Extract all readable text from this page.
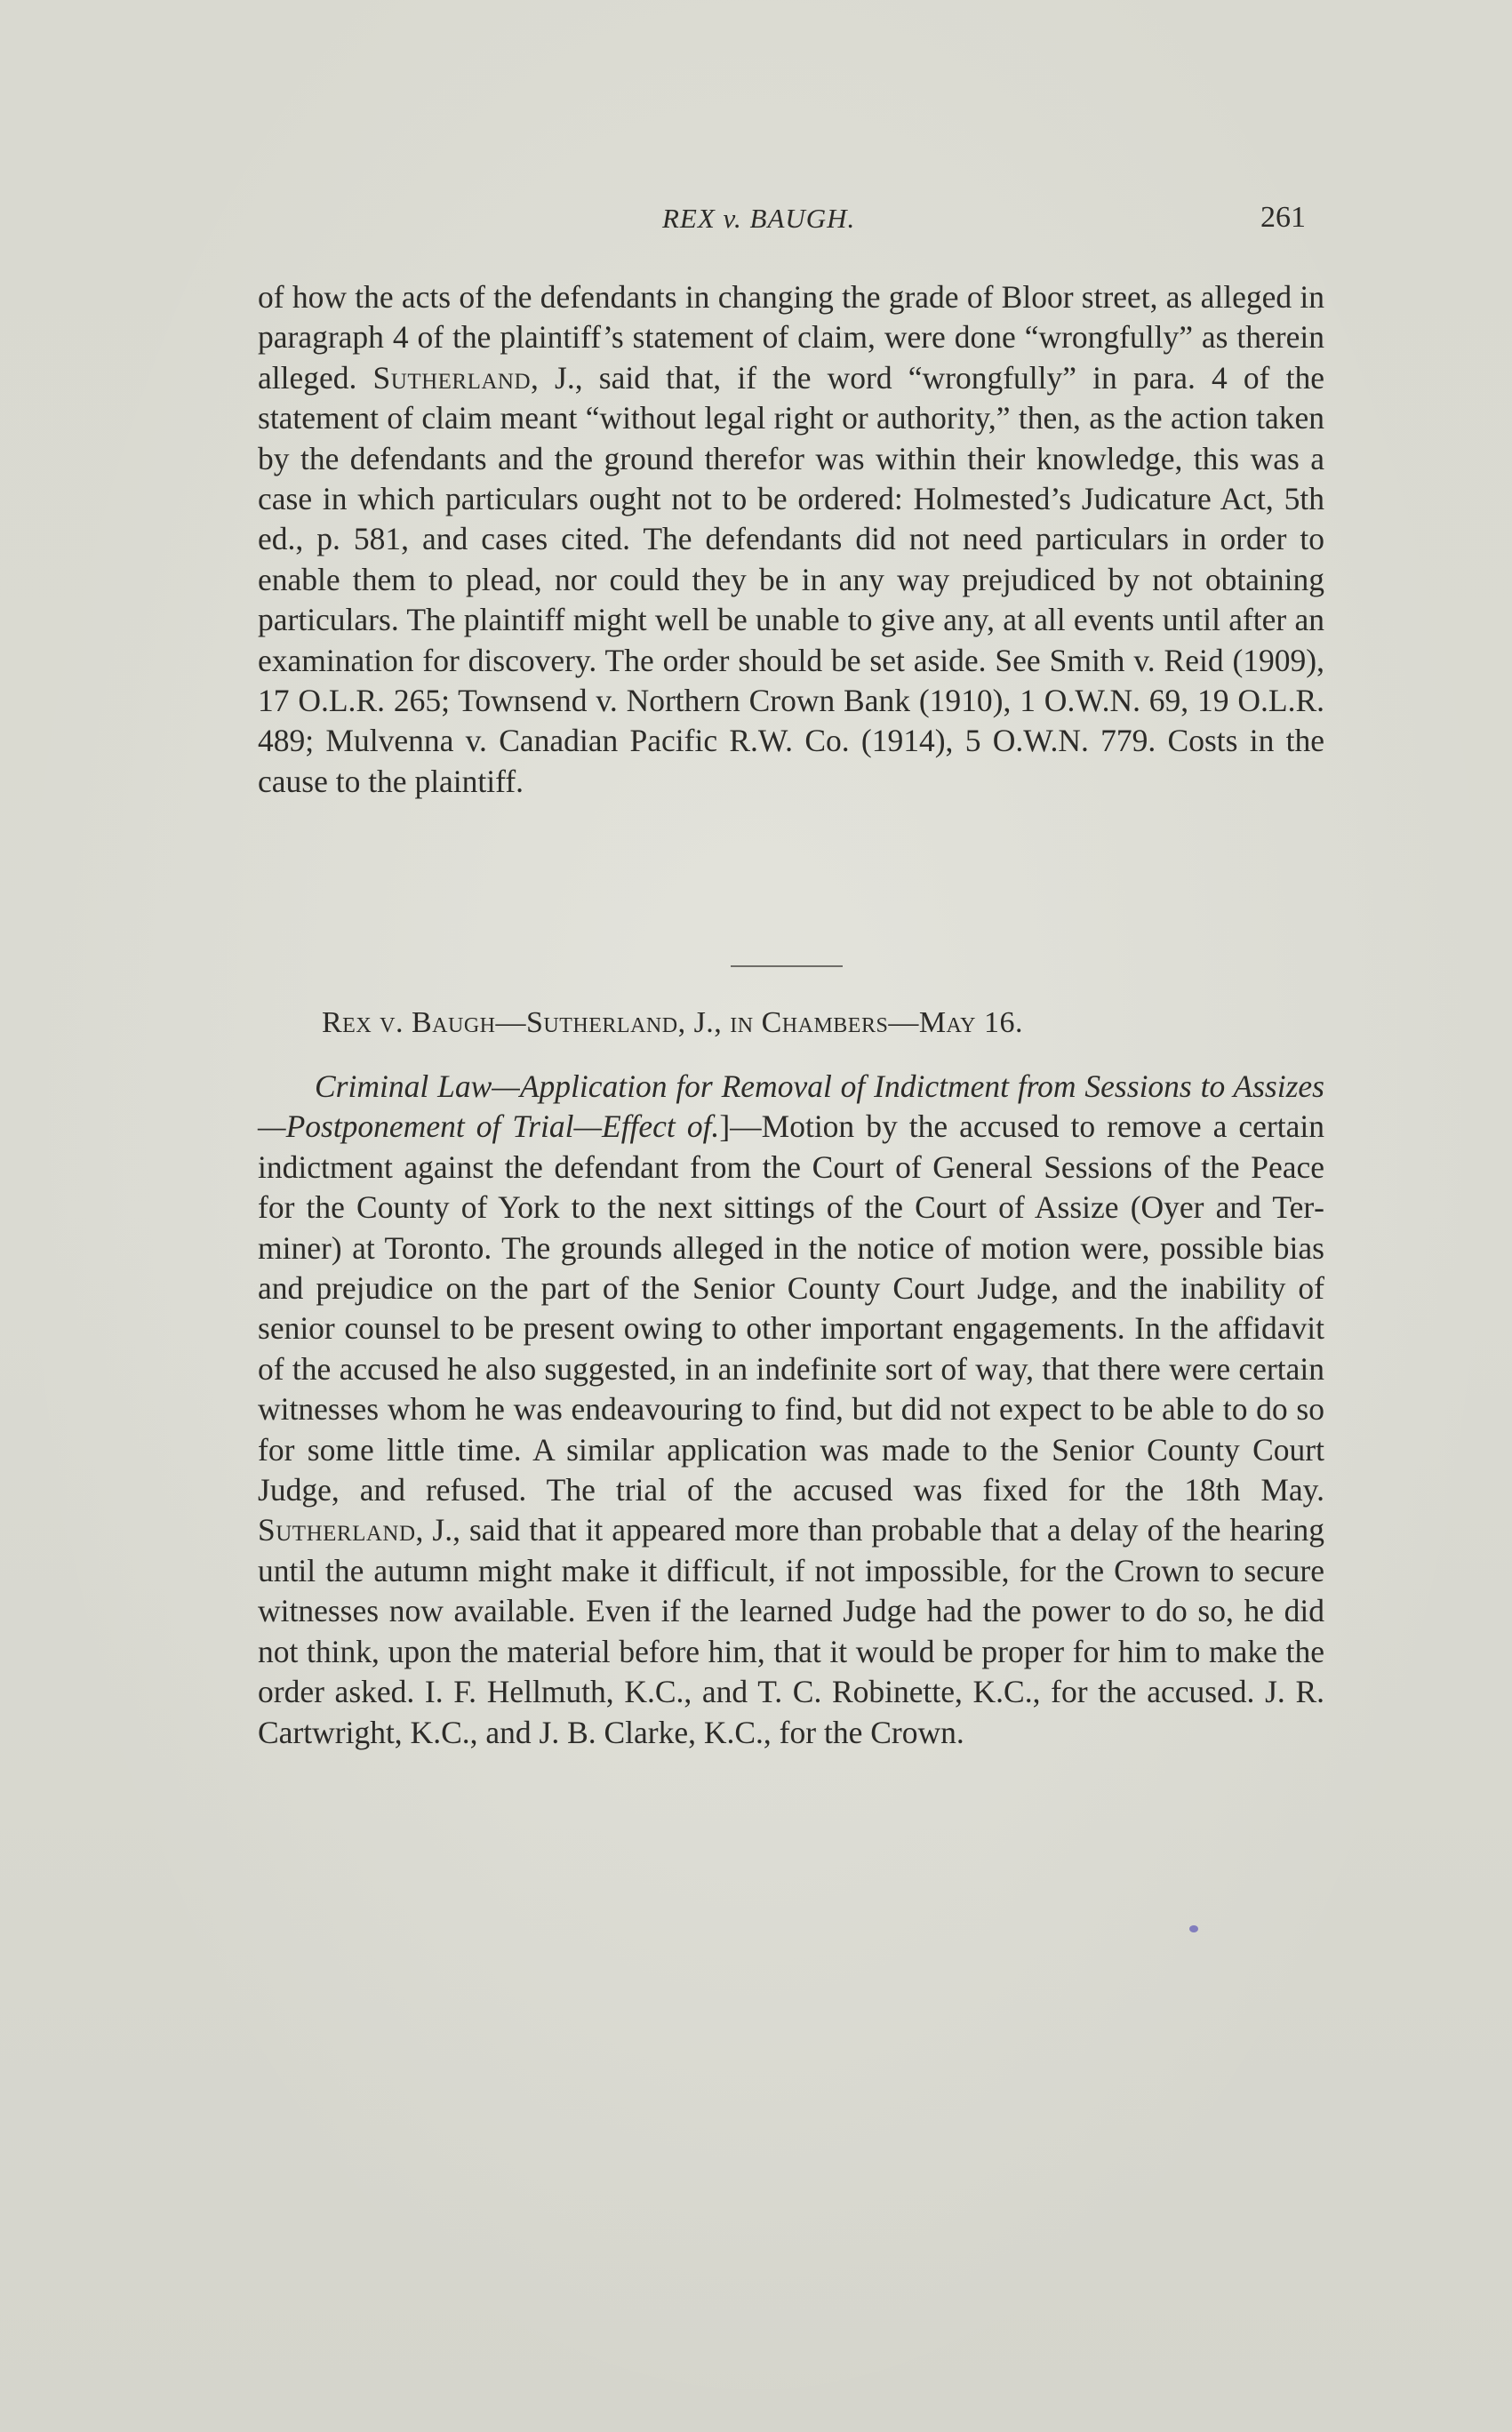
REX v. BAUGH.	261

of how the acts of the defendants in changing the grade of Bloor street, as alleged in paragraph 4 of the plaintiff’s statement of claim, were done “wrongfully” as therein alleged. Sutherland, J., said that, if the word “wrongfully” in para. 4 of the statement of claim meant “without legal right or authority,” then, as the action taken by the defendants and the ground therefor was within their knowledge, this was a case in which particulars ought not to be ordered: Holmested’s Judicature Act, 5th ed., p. 581, and cases cited. The defendants did not need particulars in order to enable them to plead, nor could they be in any way prejudiced by not obtaining particulars. The plaintiff might well be unable to give any, at all events until after an examination for discovery. The order should be set aside. See Smith v. Reid (1909), 17 O.L.R. 265; Townsend v. Northern Crown Bank (1910), 1 O.W.N. 69, 19 O.L.R. 489; Mulvenna v. Canadian Pacific R.W. Co. (1914), 5 O.W.N. 779. Costs in the cause to the plaintiff.

Rex v. Baugh—Sutherland, J., in Chambers—May 16.

Criminal Law—Application for Removal of Indictment from Sessions to Assizes—Postponement of Trial—Effect of.]—Motion by the accused to remove a certain indictment against the defendant from the Court of General Sessions of the Peace for the County of York to the next sittings of the Court of Assize (Oyer and Terminer) at Toronto. The grounds alleged in the notice of motion were, possible bias and prejudice on the part of the Senior County Court Judge, and the inability of senior counsel to be present owing to other important engagements. In the affidavit of the accused he also suggested, in an indefinite sort of way, that there were certain witnesses whom he was endeavouring to find, but did not expect to be able to do so for some little time. A similar application was made to the Senior County Court Judge, and refused. The trial of the accused was fixed for the 18th May. Sutherland, J., said that it appeared more than probable that a delay of the hearing until the autumn might make it difficult, if not impossible, for the Crown to secure witnesses now available. Even if the learned Judge had the power to do so, he did not think, upon the material before him, that it would be proper for him to make the order asked. I. F. Hellmuth, K.C., and T. C. Robinette, K.C., for the accused. J. R. Cartwright, K.C., and J. B. Clarke, K.C., for the Crown.
